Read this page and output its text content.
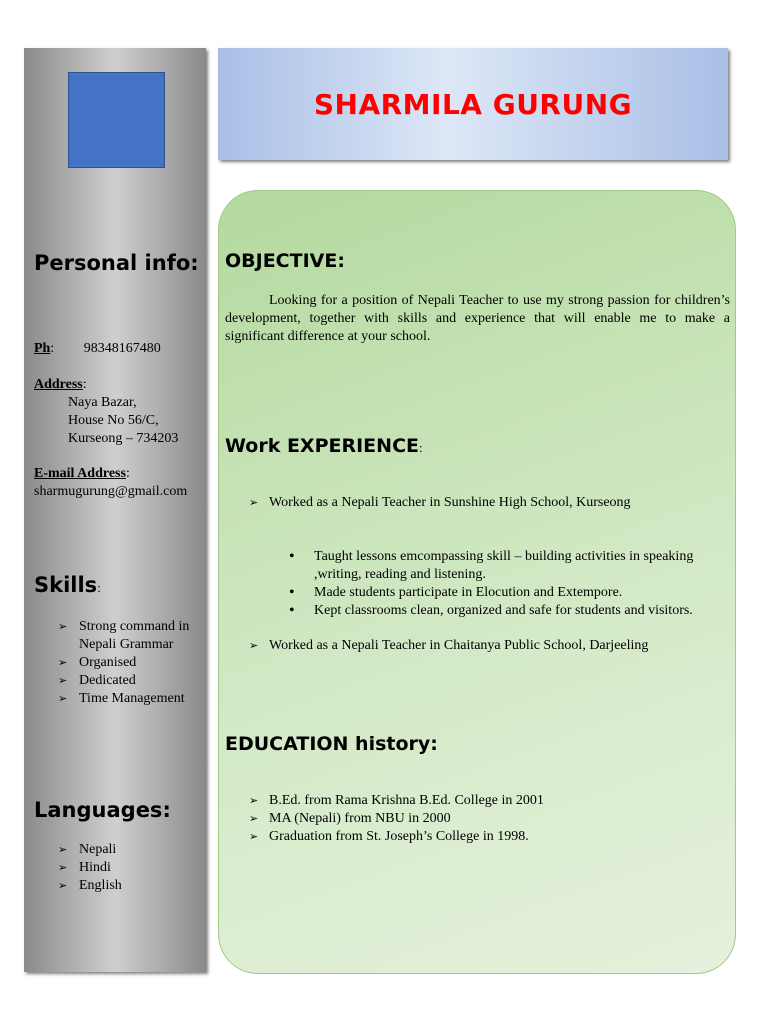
Personal info:
Ph: 98348167480
Address:
Naya Bazar,
House No 56/C,
Kurseong – 734203
E-mail Address:
sharmugurung@gmail.com
Skills:
➢ Strong command in Nepali Grammar
➢ Organised
➢ Dedicated
➢ Time Management
Languages:
➢ Nepali
➢ Hindi
➢ English
SHARMILA GURUNG
OBJECTIVE:

Looking for a position of Nepali Teacher to use my strong passion for children’s development, together with skills and experience that will enable me to make a significant difference at your school.

Work EXPERIENCE:
➢ Worked as a Nepali Teacher in Sunshine High School, Kurseong
• Taught lessons emcompassing skill – building activities in speaking ,writing, reading and listening.
• Made students participate in Elocution and Extempore.
• Kept classrooms clean, organized and safe for students and visitors.
➢ Worked as a Nepali Teacher in Chaitanya Public School, Darjeeling
EDUCATION history:
➢ B.Ed. from Rama Krishna B.Ed. College in 2001
➢ MA (Nepali) from NBU in 2000
➢ Graduation from St. Joseph’s College in 1998.
